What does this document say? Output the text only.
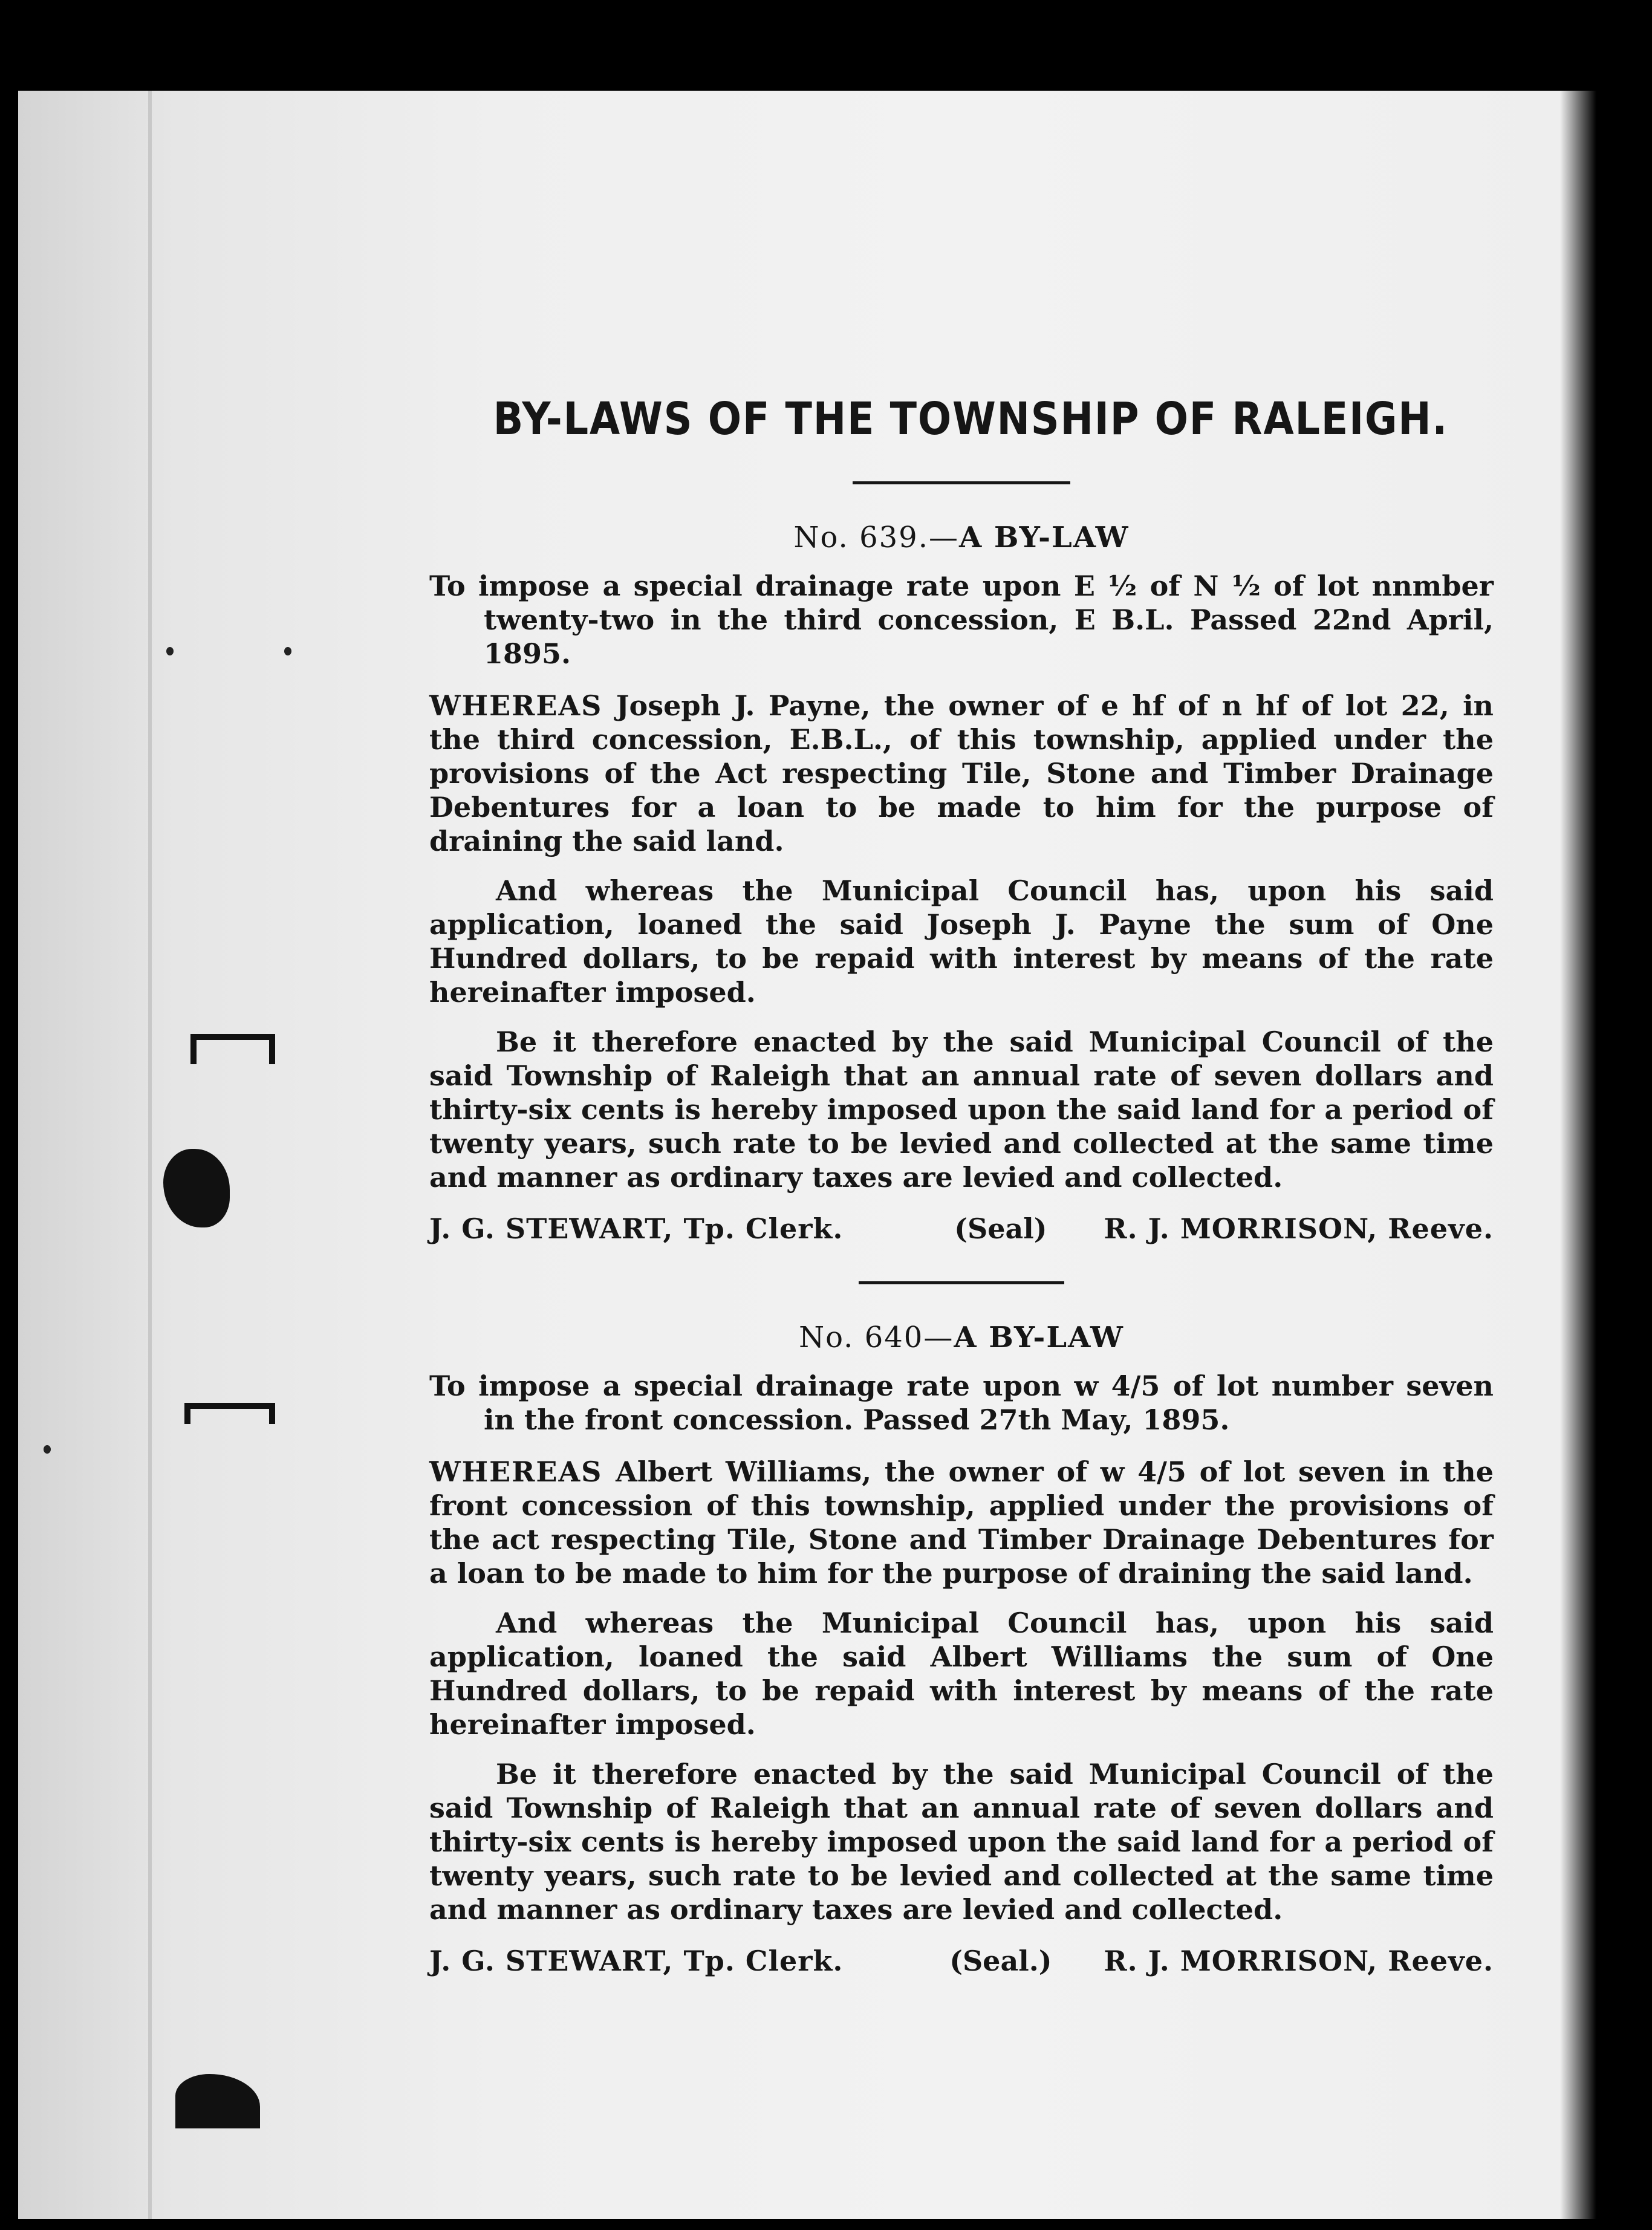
BY-LAWS OF THE TOWNSHIP OF RALEIGH.
No. 639.—A BY-LAW

To impose a special drainage rate upon E ½ of N ½ of lot nnmber twenty-two in the third concession, E B.L. Passed 22nd April, 1895.

WHEREAS Joseph J. Payne, the owner of e hf of n hf of lot 22, in the third concession, E.B.L., of this township, applied under the provisions of the Act respecting Tile, Stone and Timber Drainage Debentures for a loan to be made to him for the purpose of draining the said land.

And whereas the Municipal Council has, upon his said application, loaned the said Joseph J. Payne the sum of One Hundred dollars, to be repaid with interest by means of the rate hereinafter imposed.

Be it therefore enacted by the said Municipal Council of the said Township of Raleigh that an annual rate of seven dollars and thirty-six cents is hereby imposed upon the said land for a period of twenty years, such rate to be levied and collected at the same time and manner as ordinary taxes are levied and collected.

J. G. STEWART, Tp. Clerk.	(Seal) R. J. MORRISON, Reeve.
No. 640—A BY-LAW

To impose a special drainage rate upon w 4/5 of lot number seven in the front concession. Passed 27th May, 1895.

WHEREAS Albert Williams, the owner of w 4/5 of lot seven in the front concession of this township, applied under the provisions of the act respecting Tile, Stone and Timber Drainage Debentures for a loan to be made to him for the purpose of draining the said land.

And whereas the Municipal Council has, upon his said application, loaned the said Albert Williams the sum of One Hundred dollars, to be repaid with interest by means of the rate hereinafter imposed.

Be it therefore enacted by the said Municipal Council of the said Township of Raleigh that an annual rate of seven dollars and thirty-six cents is hereby imposed upon the said land for a period of twenty years, such rate to be levied and collected at the same time and manner as ordinary taxes are levied and collected.

J. G. STEWART, Tp. Clerk.	(Seal.) R. J. MORRISON, Reeve.
